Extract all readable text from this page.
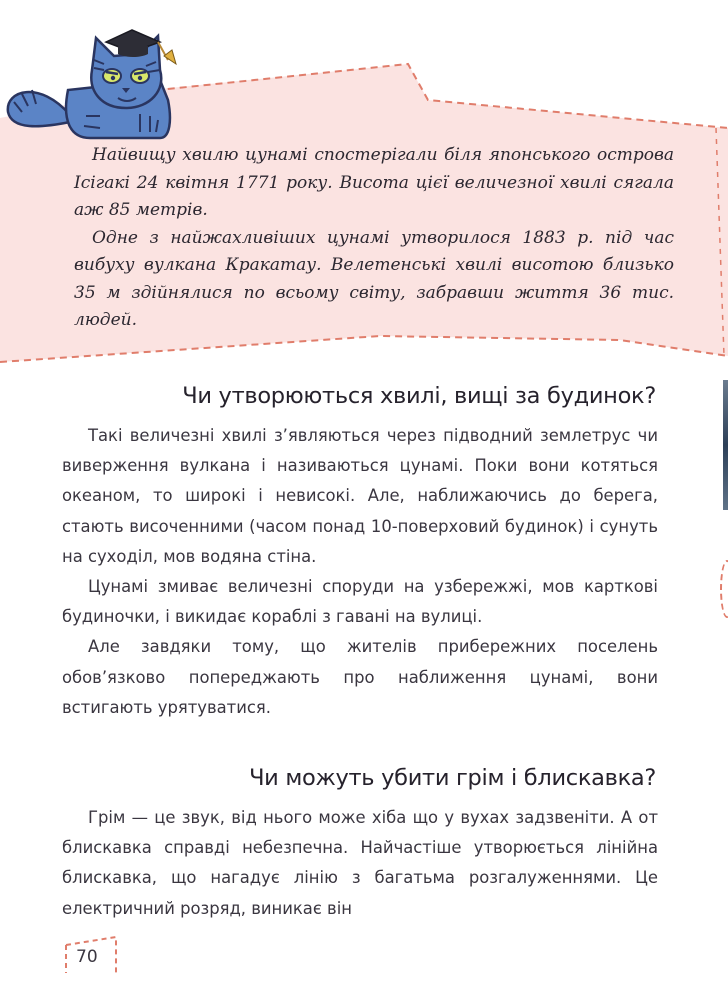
Найвищу хвилю цунамі спостерігали біля японського острова Ісігакі 24 квітня 1771 року. Висота цієї величезної хвилі сягала аж 85 метрів.

Одне з найжахливіших цунамі утворилося 1883 р. під час вибуху вулкана Кракатау. Велетенські хвилі висотою близько 35 м здійнялися по всьому світу, забравши життя 36 тис. людей.

Чи утворюються хвилі, вищі за будинок?

Такі величезні хвилі з’являються через підводний землетрус чи виверження вулкана і називаються цунамі. Поки вони котяться океаном, то широкі і невисокі. Але, наближаючись до берега, стають височенними (часом понад 10-поверховий будинок) і сунуть на суходіл, мов водяна стіна.

Цунамі змиває величезні споруди на узбережжі, мов карткові будиночки, і викидає кораблі з гавані на вулиці.

Але завдяки тому, що жителів прибережних поселень обов’язково попереджають про наближення цунамі, вони встигають урятуватися.

Чи можуть убити грім і блискавка?

Грім — це звук, від нього може хіба що у вухах задзвеніти. А от блискавка справді небезпечна. Найчастіше утворюється лінійна блискавка, що нагадує лінію з багатьма розгалуженнями. Це електричний розряд, виникає він

70
